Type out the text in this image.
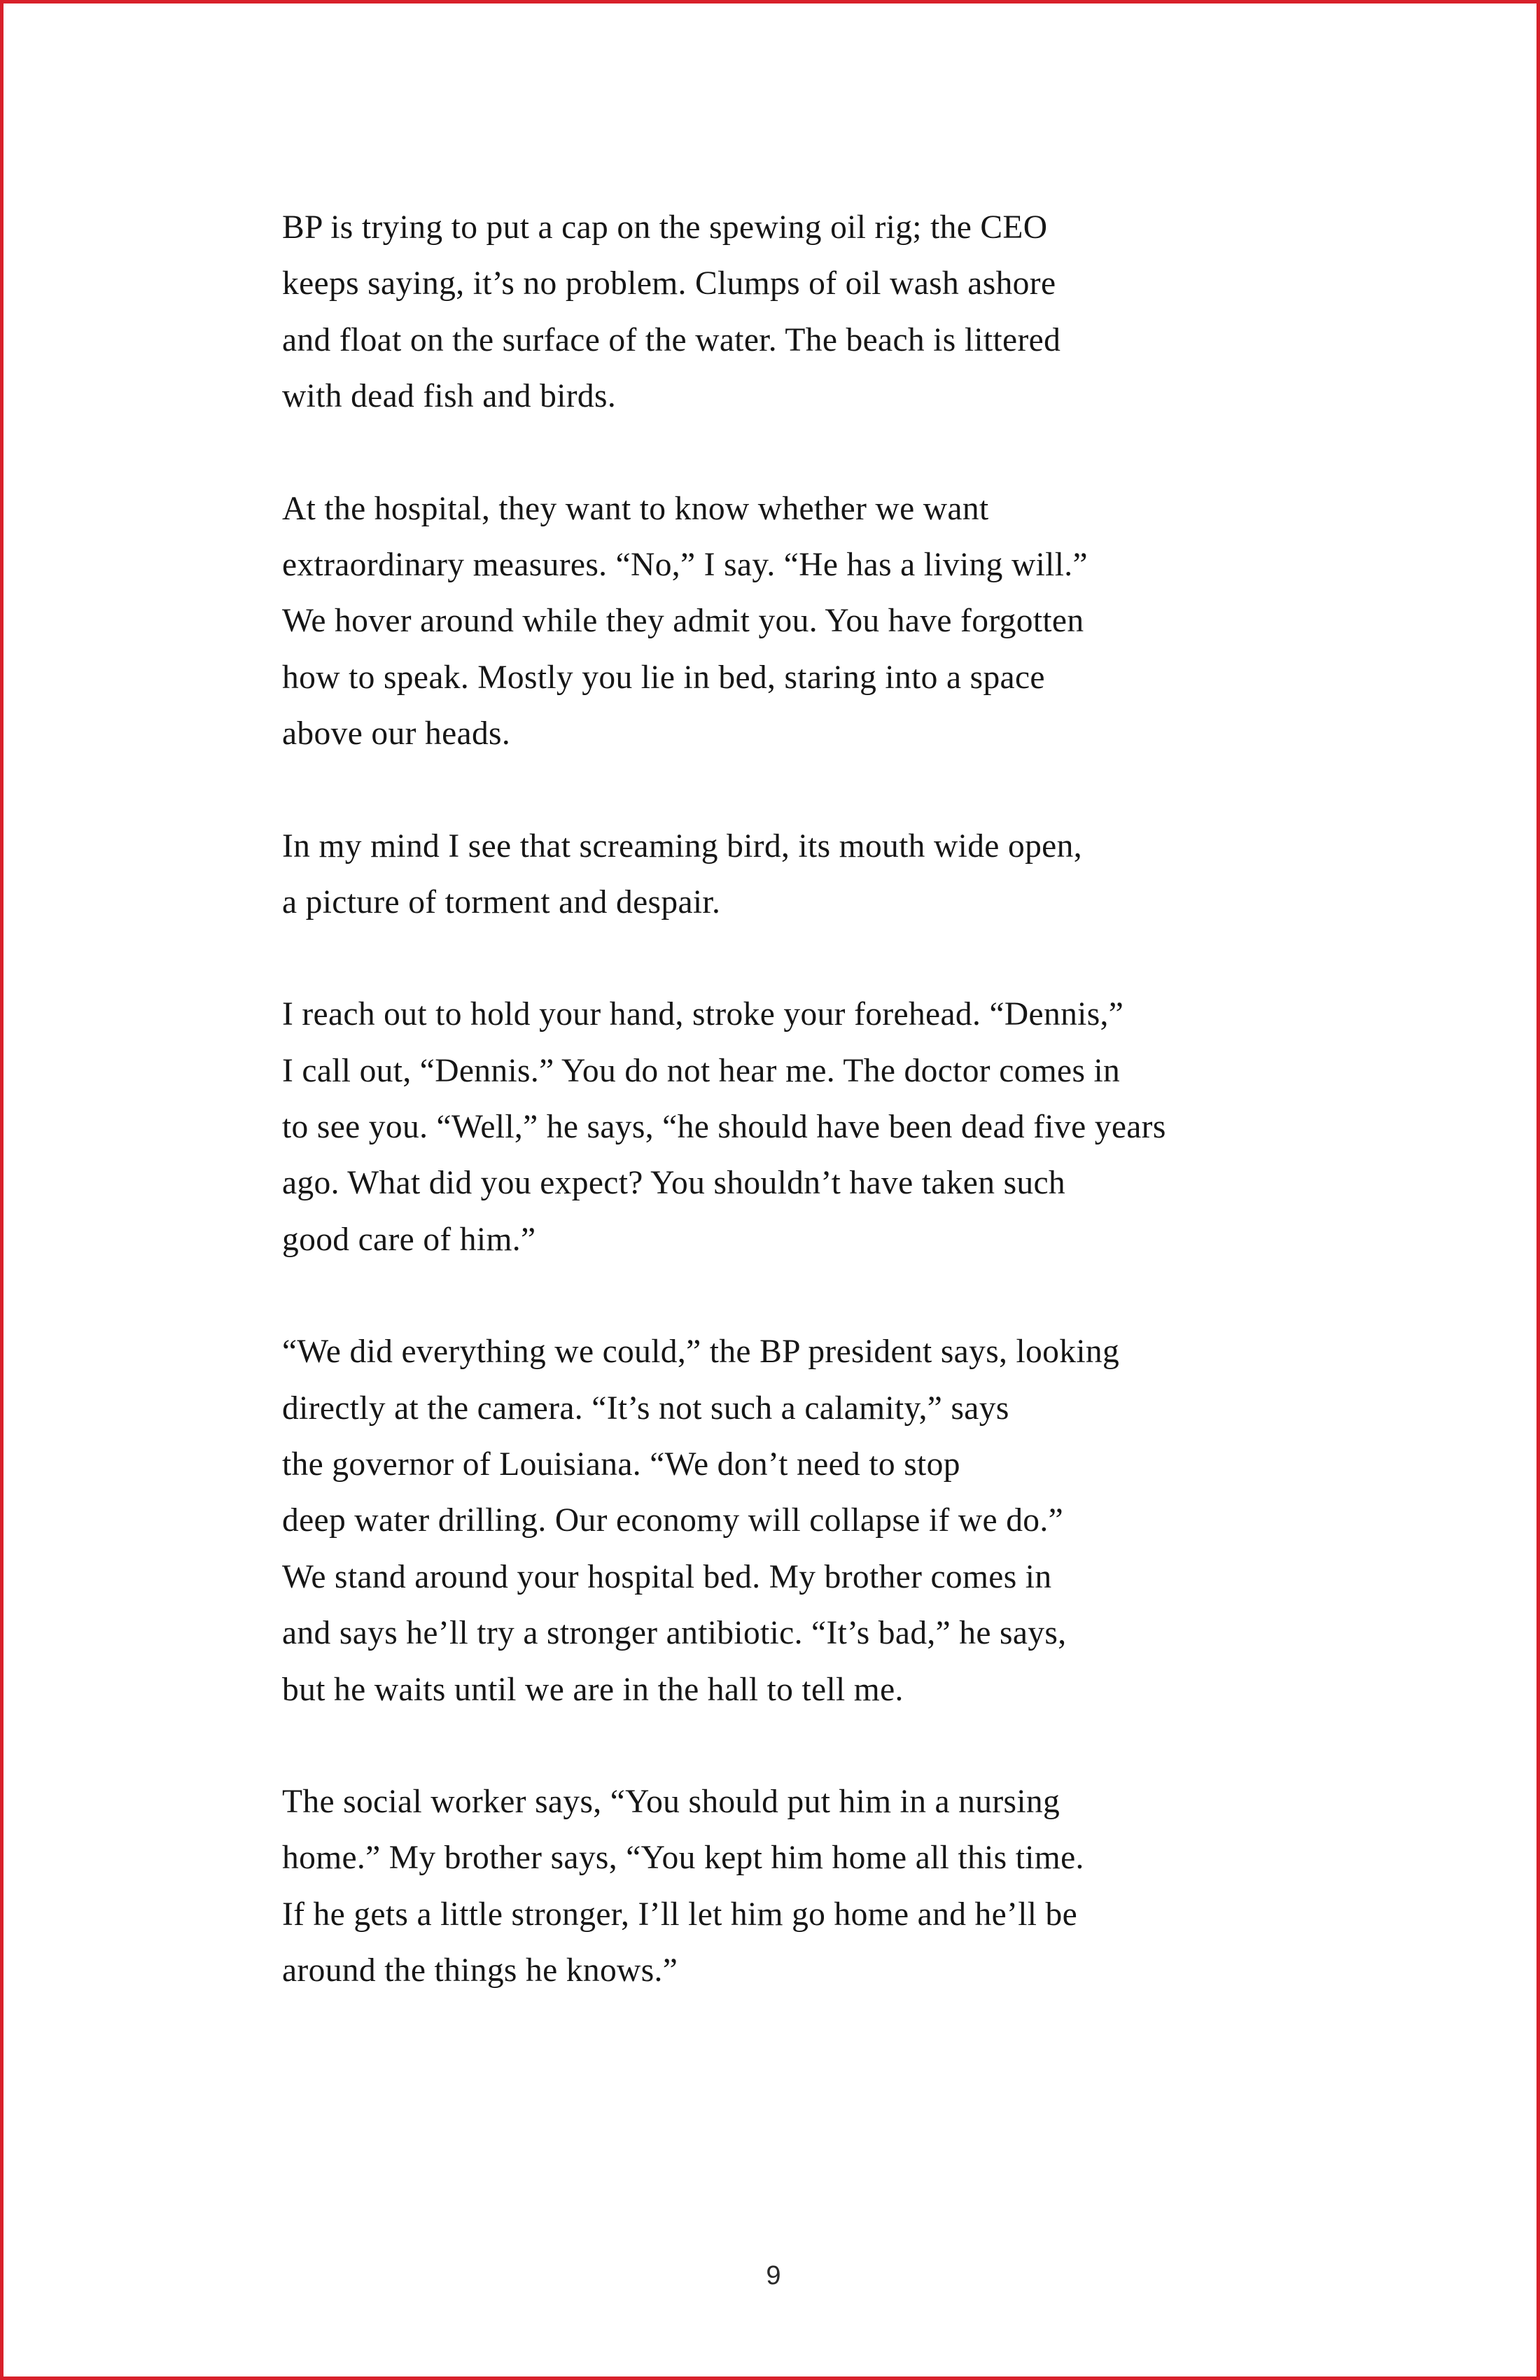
BP is trying to put a cap on the spewing oil rig; the CEO
keeps saying, it’s no problem. Clumps of oil wash ashore
and float on the surface of the water. The beach is littered
with dead fish and birds.
At the hospital, they want to know whether we want
extraordinary measures. “No,” I say. “He has a living will.”
We hover around while they admit you. You have forgotten
how to speak. Mostly you lie in bed, staring into a space
above our heads.
In my mind I see that screaming bird, its mouth wide open,
a picture of torment and despair.
I reach out to hold your hand, stroke your forehead. “Dennis,”
I call out, “Dennis.” You do not hear me. The doctor comes in
to see you. “Well,” he says, “he should have been dead five years
ago. What did you expect? You shouldn’t have taken such
good care of him.”
“We did everything we could,” the BP president says, looking
directly at the camera. “It’s not such a calamity,” says
the governor of Louisiana. “We don’t need to stop
deep water drilling. Our economy will collapse if we do.”
We stand around your hospital bed. My brother comes in
and says he’ll try a stronger antibiotic. “It’s bad,” he says,
but he waits until we are in the hall to tell me.
The social worker says, “You should put him in a nursing
home.” My brother says, “You kept him home all this time.
If he gets a little stronger, I’ll let him go home and he’ll be
around the things he knows.”
9
